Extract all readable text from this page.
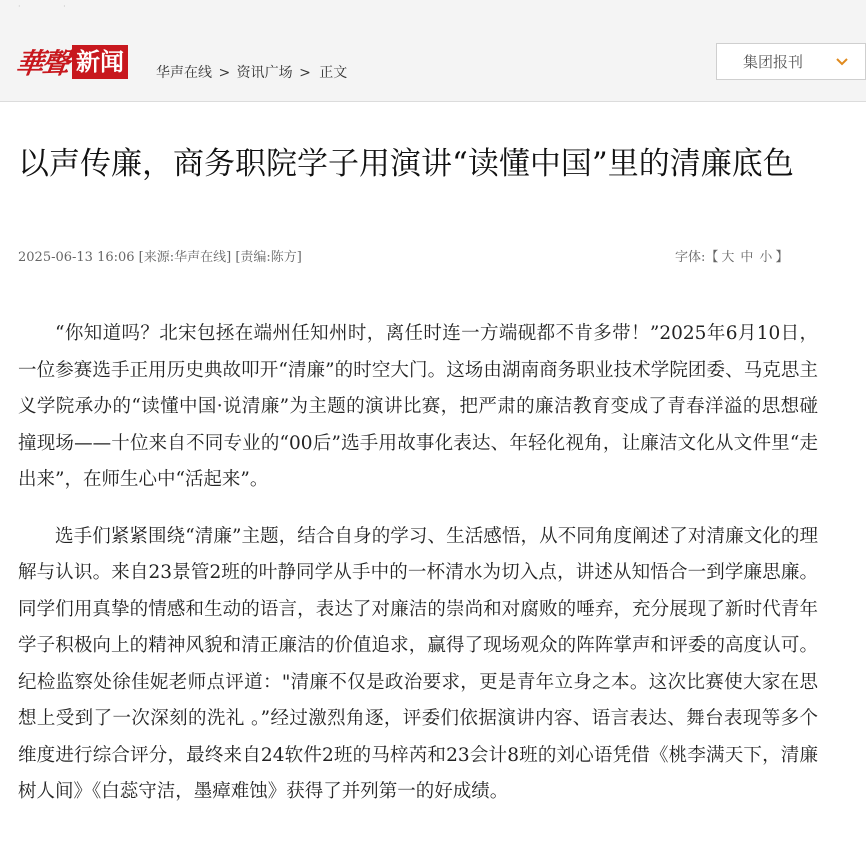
· ·
華聲 新闻 华声在线 > 资讯广场 > 正文
集团报刊
以声传廉，商务职院学子用演讲“读懂中国”里的清廉底色
2025-06-13 16:06 [来源:华声在线] [责编:陈方]	字体:【 大 中 小 】

“你知道吗？北宋包拯在端州任知州时，离任时连一方端砚都不肯多带！”2025年6月10日，一位参赛选手正用历史典故叩开“清廉”的时空大门。这场由湖南商务职业技术学院团委、马克思主义学院承办的“读懂中国·说清廉”为主题的演讲比赛，把严肃的廉洁教育变成了青春洋溢的思想碰撞现场——十位来自不同专业的“00后”选手用故事化表达、年轻化视角，让廉洁文化从文件里“走出来”，在师生心中“活起来”。

选手们紧紧围绕“清廉”主题，结合自身的学习、生活感悟，从不同角度阐述了对清廉文化的理解与认识。来自23景管2班的叶静同学从手中的一杯清水为切入点，讲述从知悟合一到学廉思廉。同学们用真挚的情感和生动的语言，表达了对廉洁的崇尚和对腐败的唾弃，充分展现了新时代青年学子积极向上的精神风貌和清正廉洁的价值追求，赢得了现场观众的阵阵掌声和评委的高度认可。纪检监察处徐佳妮老师点评道："清廉不仅是政治要求，更是青年立身之本。这次比赛使大家在思想上受到了一次深刻的洗礼 。”经过激烈角逐，评委们依据演讲内容、语言表达、舞台表现等多个维度进行综合评分，最终来自24软件2班的马梓芮和23会计8班的刘心语凭借《桃李满天下，清廉树人间》《白蕊守洁，墨瘴难蚀》获得了并列第一的好成绩。
